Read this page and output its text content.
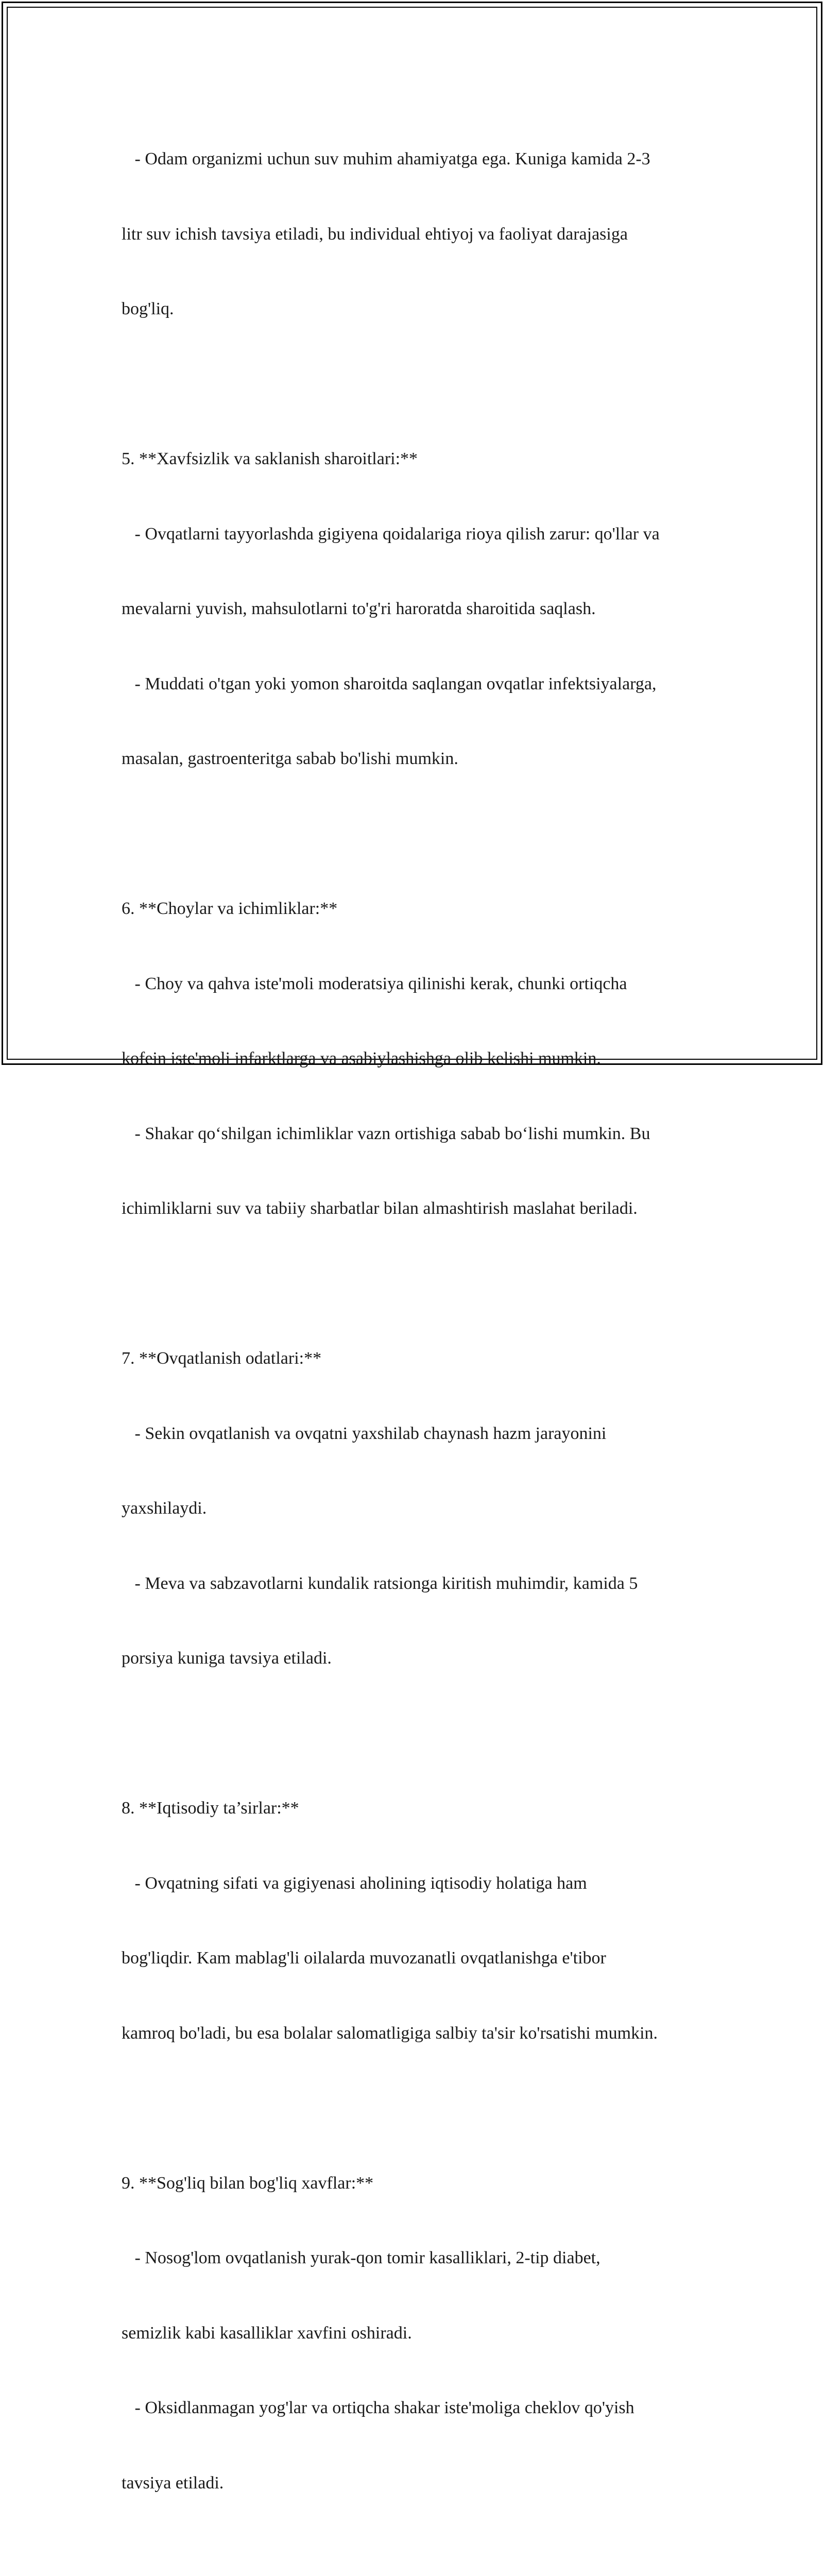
- Odam organizmi uchun suv muhim ahamiyatga ega. Kuniga kamida 2-3

litr suv ichish tavsiya etiladi, bu individual ehtiyoj va faoliyat darajasiga

bog'liq.

5. **Xavfsizlik va saklanish sharoitlari:**

- Ovqatlarni tayyorlashda gigiyena qoidalariga rioya qilish zarur: qo'llar va

mevalarni yuvish, mahsulotlarni to'g'ri haroratda sharoitida saqlash.

- Muddati o'tgan yoki yomon sharoitda saqlangan ovqatlar infektsiyalarga,

masalan, gastroenteritga sabab bo'lishi mumkin.

6. **Choylar va ichimliklar:**

- Choy va qahva iste'moli moderatsiya qilinishi kerak, chunki ortiqcha

kofein iste'moli infarktlarga va asabiylashishga olib kelishi mumkin.

- Shakar qo‘shilgan ichimliklar vazn ortishiga sabab bo‘lishi mumkin. Bu

ichimliklarni suv va tabiiy sharbatlar bilan almashtirish maslahat beriladi.

7. **Ovqatlanish odatlari:**

- Sekin ovqatlanish va ovqatni yaxshilab chaynash hazm jarayonini

yaxshilaydi.

- Meva va sabzavotlarni kundalik ratsionga kiritish muhimdir, kamida 5

porsiya kuniga tavsiya etiladi.

8. **Iqtisodiy ta’sirlar:**

- Ovqatning sifati va gigiyenasi aholining iqtisodiy holatiga ham

bog'liqdir. Kam mablag'li oilalarda muvozanatli ovqatlanishga e'tibor

kamroq bo'ladi, bu esa bolalar salomatligiga salbiy ta'sir ko'rsatishi mumkin.

9. **Sog'liq bilan bog'liq xavflar:**

- Nosog'lom ovqatlanish yurak-qon tomir kasalliklari, 2-tip diabet,

semizlik kabi kasalliklar xavfini oshiradi.

- Oksidlanmagan yog'lar va ortiqcha shakar iste'moliga cheklov qo'yish

tavsiya etiladi.
